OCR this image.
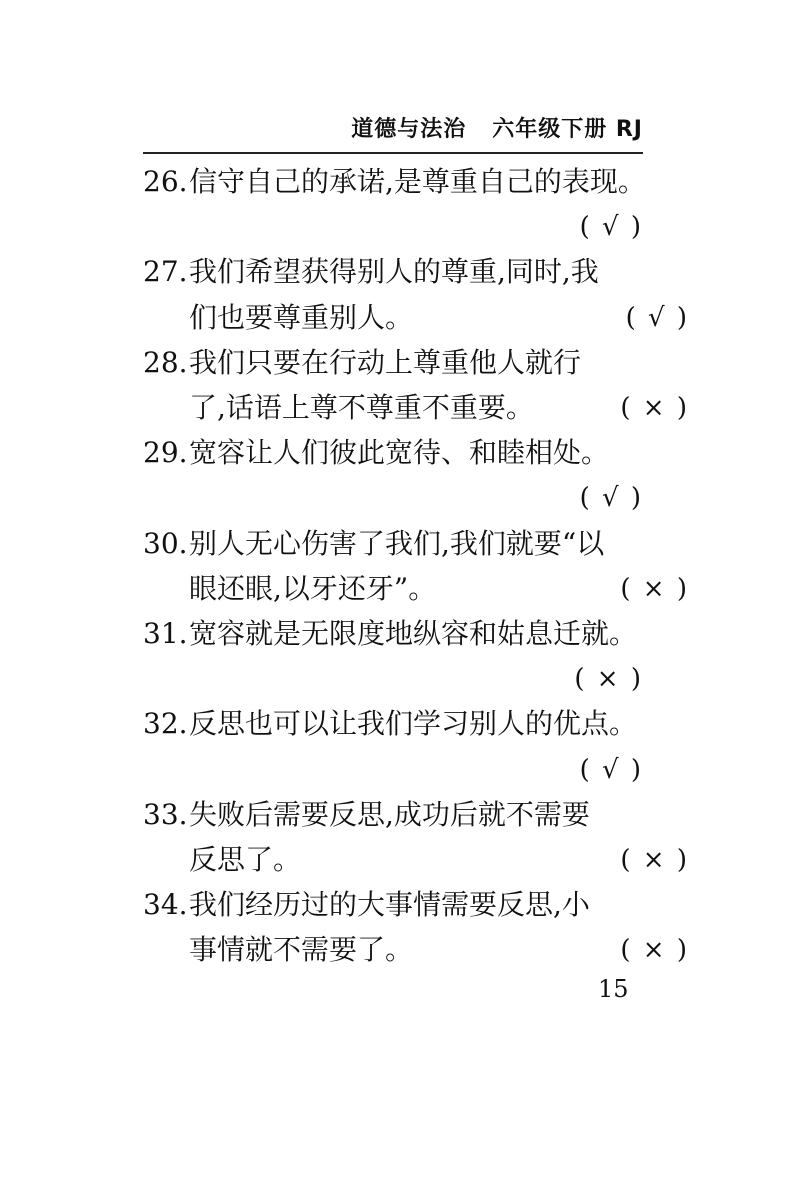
道德与法治   六年级下册 RJ
26.信守自己的承诺,是尊重自己的表现。
( √ )
27.我们希望获得别人的尊重,同时,我
们也要尊重别人。	( √ )
28.我们只要在行动上尊重他人就行
了,话语上尊不尊重不重要。	( × )
29.宽容让人们彼此宽待、和睦相处。
( √ )
30.别人无心伤害了我们,我们就要“以
眼还眼,以牙还牙”。	( × )
31.宽容就是无限度地纵容和姑息迁就。
( × )
32.反思也可以让我们学习别人的优点。
( √ )
33.失败后需要反思,成功后就不需要
反思了。	( × )
34.我们经历过的大事情需要反思,小
事情就不需要了。	( × )
15
